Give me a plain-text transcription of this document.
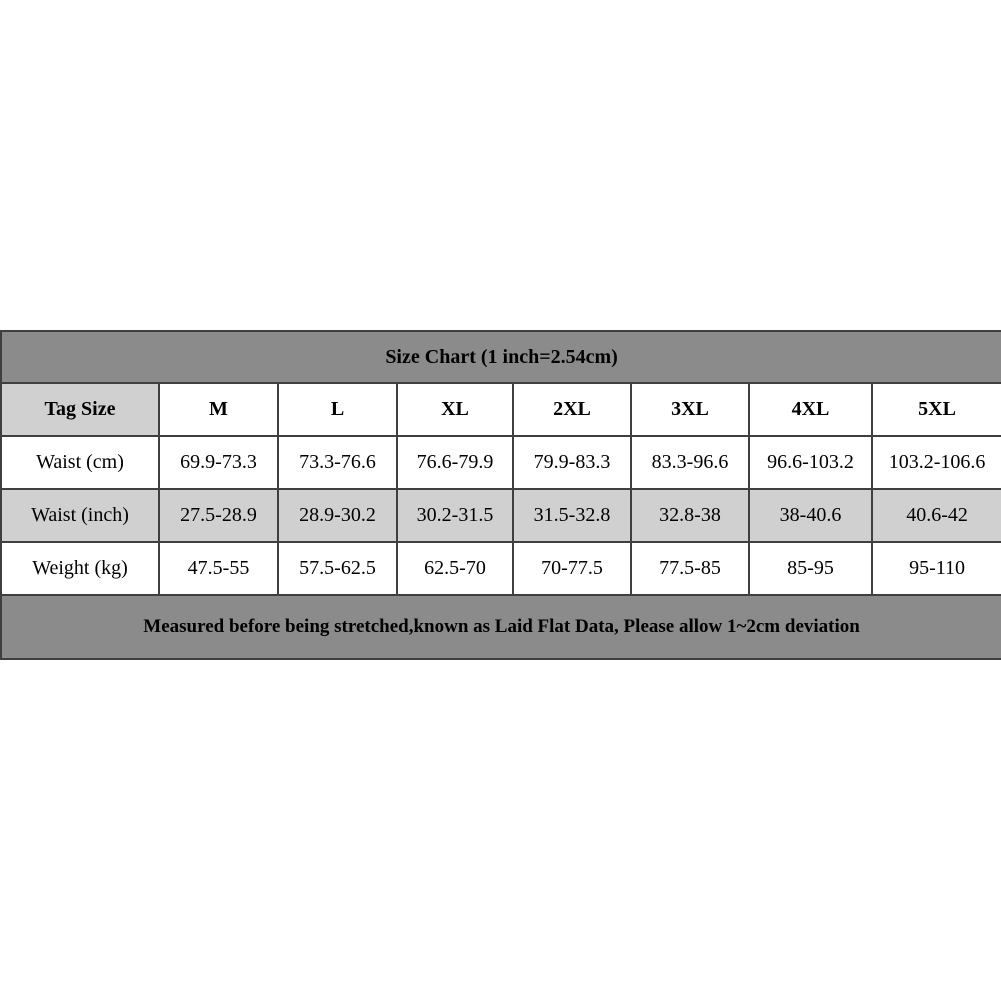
Size Chart (1 inch=2.54cm)							
Tag Size	M	L	XL	2XL	3XL	4XL	5XL
Waist (cm)	69.9-73.3	73.3-76.6	76.6-79.9	79.9-83.3	83.3-96.6	96.6-103.2	103.2-106.6
Waist (inch)	27.5-28.9	28.9-30.2	30.2-31.5	31.5-32.8	32.8-38	38-40.6	40.6-42
Weight (kg)	47.5-55	57.5-62.5	62.5-70	70-77.5	77.5-85	85-95	95-110
Measured before being stretched,known as Laid Flat Data, Please allow 1~2cm deviation							
